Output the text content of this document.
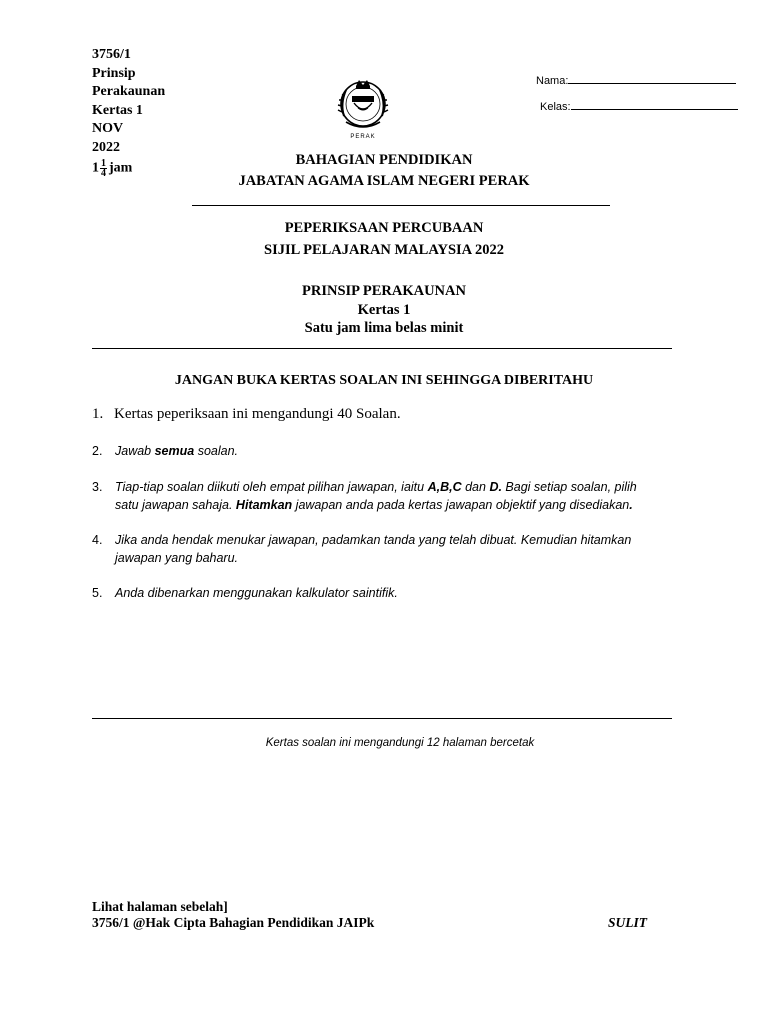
3756/1
Prinsip
Perakaunan
Kertas 1
NOV
2022
$1 \frac{1}{4}$ jam
PERAK
Nama:
Kelas:
BAHAGIAN PENDIDIKAN
JABATAN AGAMA ISLAM NEGERI PERAK
PEPERIKSAAN PERCUBAAN
SIJIL PELAJARAN MALAYSIA 2022
PRINSIP PERAKAUNAN
Kertas 1
Satu jam lima belas minit
JANGAN BUKA KERTAS SOALAN INI SEHINGGA DIBERITAHU
1. Kertas peperiksaan ini mengandungi 40 Soalan.
2. Jawab semua soalan.
3. Tiap-tiap soalan diikuti oleh empat pilihan jawapan, iaitu A,B,C dan D. Bagi setiap soalan, pilih
satu jawapan sahaja. Hitamkan jawapan anda pada kertas jawapan objektif yang disediakan.
4. Jika anda hendak menukar jawapan, padamkan tanda yang telah dibuat. Kemudian hitamkan
jawapan yang baharu.
5. Anda dibenarkan menggunakan kalkulator saintifik.
Kertas soalan ini mengandungi 12 halaman bercetak
Lihat halaman sebelah]
3756/1 @Hak Cipta Bahagian Pendidikan JAIPk	SULIT
